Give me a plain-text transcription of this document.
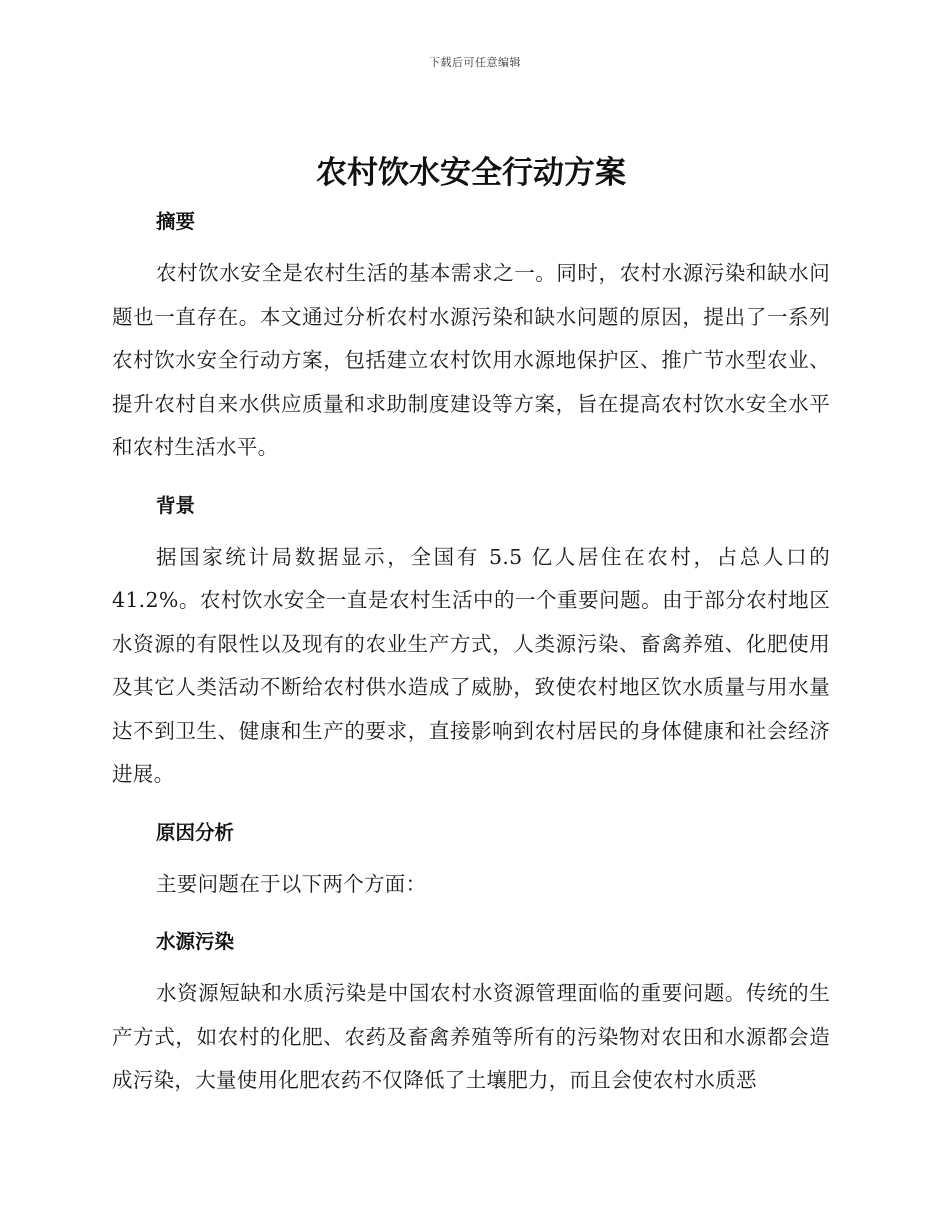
下载后可任意编辑
农村饮水安全行动方案
摘要

农村饮水安全是农村生活的基本需求之一。同时，农村水源污染和缺水问题也一直存在。本文通过分析农村水源污染和缺水问题的原因，提出了一系列农村饮水安全行动方案，包括建立农村饮用水源地保护区、推广节水型农业、提升农村自来水供应质量和求助制度建设等方案，旨在提高农村饮水安全水平和农村生活水平。

背景

据国家统计局数据显示，全国有 5.5 亿人居住在农村，占总人口的41.2%。农村饮水安全一直是农村生活中的一个重要问题。由于部分农村地区水资源的有限性以及现有的农业生产方式，人类源污染、畜禽养殖、化肥使用及其它人类活动不断给农村供水造成了威胁，致使农村地区饮水质量与用水量达不到卫生、健康和生产的要求，直接影响到农村居民的身体健康和社会经济进展。

原因分析

主要问题在于以下两个方面：

水源污染

水资源短缺和水质污染是中国农村水资源管理面临的重要问题。传统的生产方式，如农村的化肥、农药及畜禽养殖等所有的污染物对农田和水源都会造成污染，大量使用化肥农药不仅降低了土壤肥力，而且会使农村水质恶
